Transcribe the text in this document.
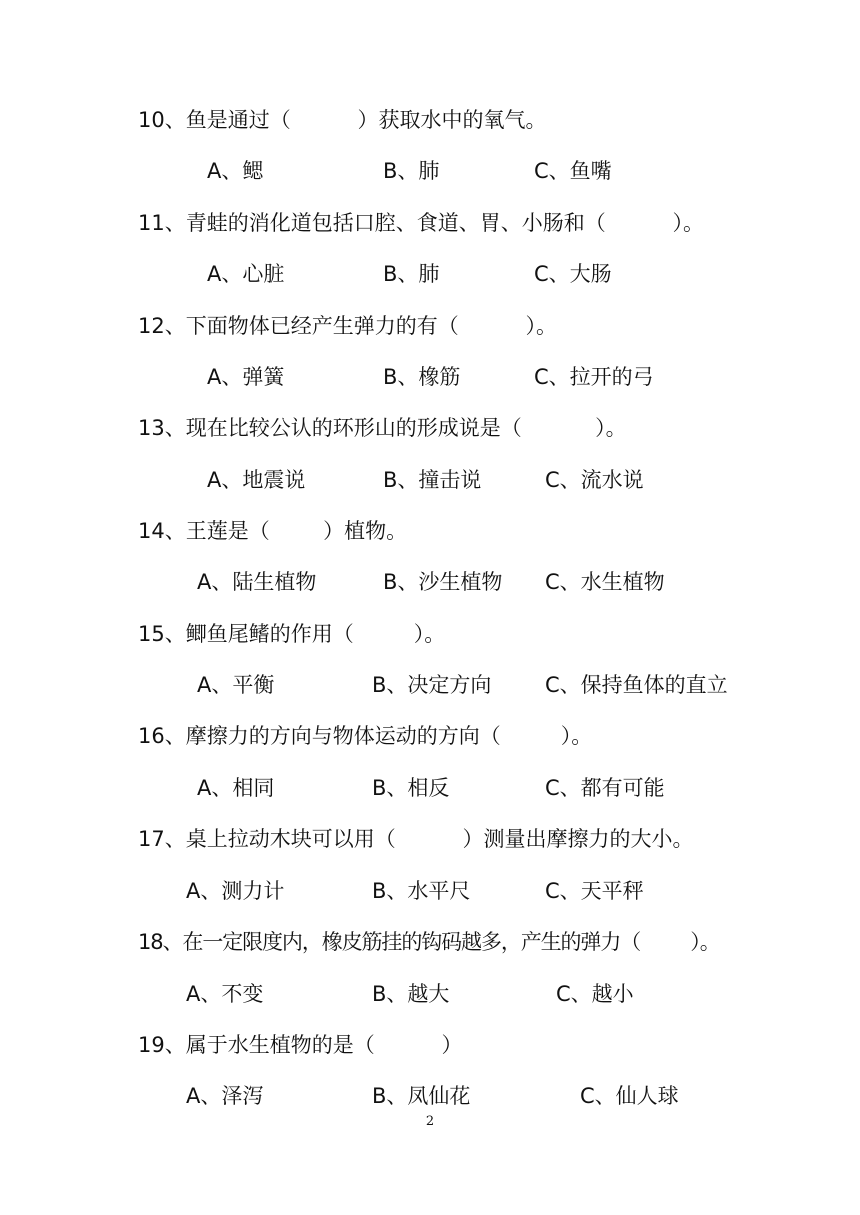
10、鱼是通过（          ）获取水中的氧气。
A、鳃	B、肺	C、鱼嘴
11、青蛙的消化道包括口腔、食道、胃、小肠和（          ）。
A、心脏	B、肺	C、大肠
12、下面物体已经产生弹力的有（          ）。
A、弹簧	B、橡筋	C、拉开的弓
13、现在比较公认的环形山的形成说是（           ）。
A、地震说	B、撞击说	C、流水说
14、王莲是（        ）植物。
A、陆生植物	B、沙生植物 C、水生植物
15、鲫鱼尾鳍的作用（         ）。
A、平衡	B、决定方向	C、保持鱼体的直立
16、摩擦力的方向与物体运动的方向（         ）。
A、相同	B、相反	C、都有可能
17、桌上拉动木块可以用（          ）测量出摩擦力的大小。
A、测力计	B、水平尺	C、天平秤
18、在一定限度内，橡皮筋挂的钩码越多，产生的弹力（         ）。
A、不变	B、越大	C、越小
19、属于水生植物的是（          ）
A、泽泻	B、凤仙花	C、仙人球
2
